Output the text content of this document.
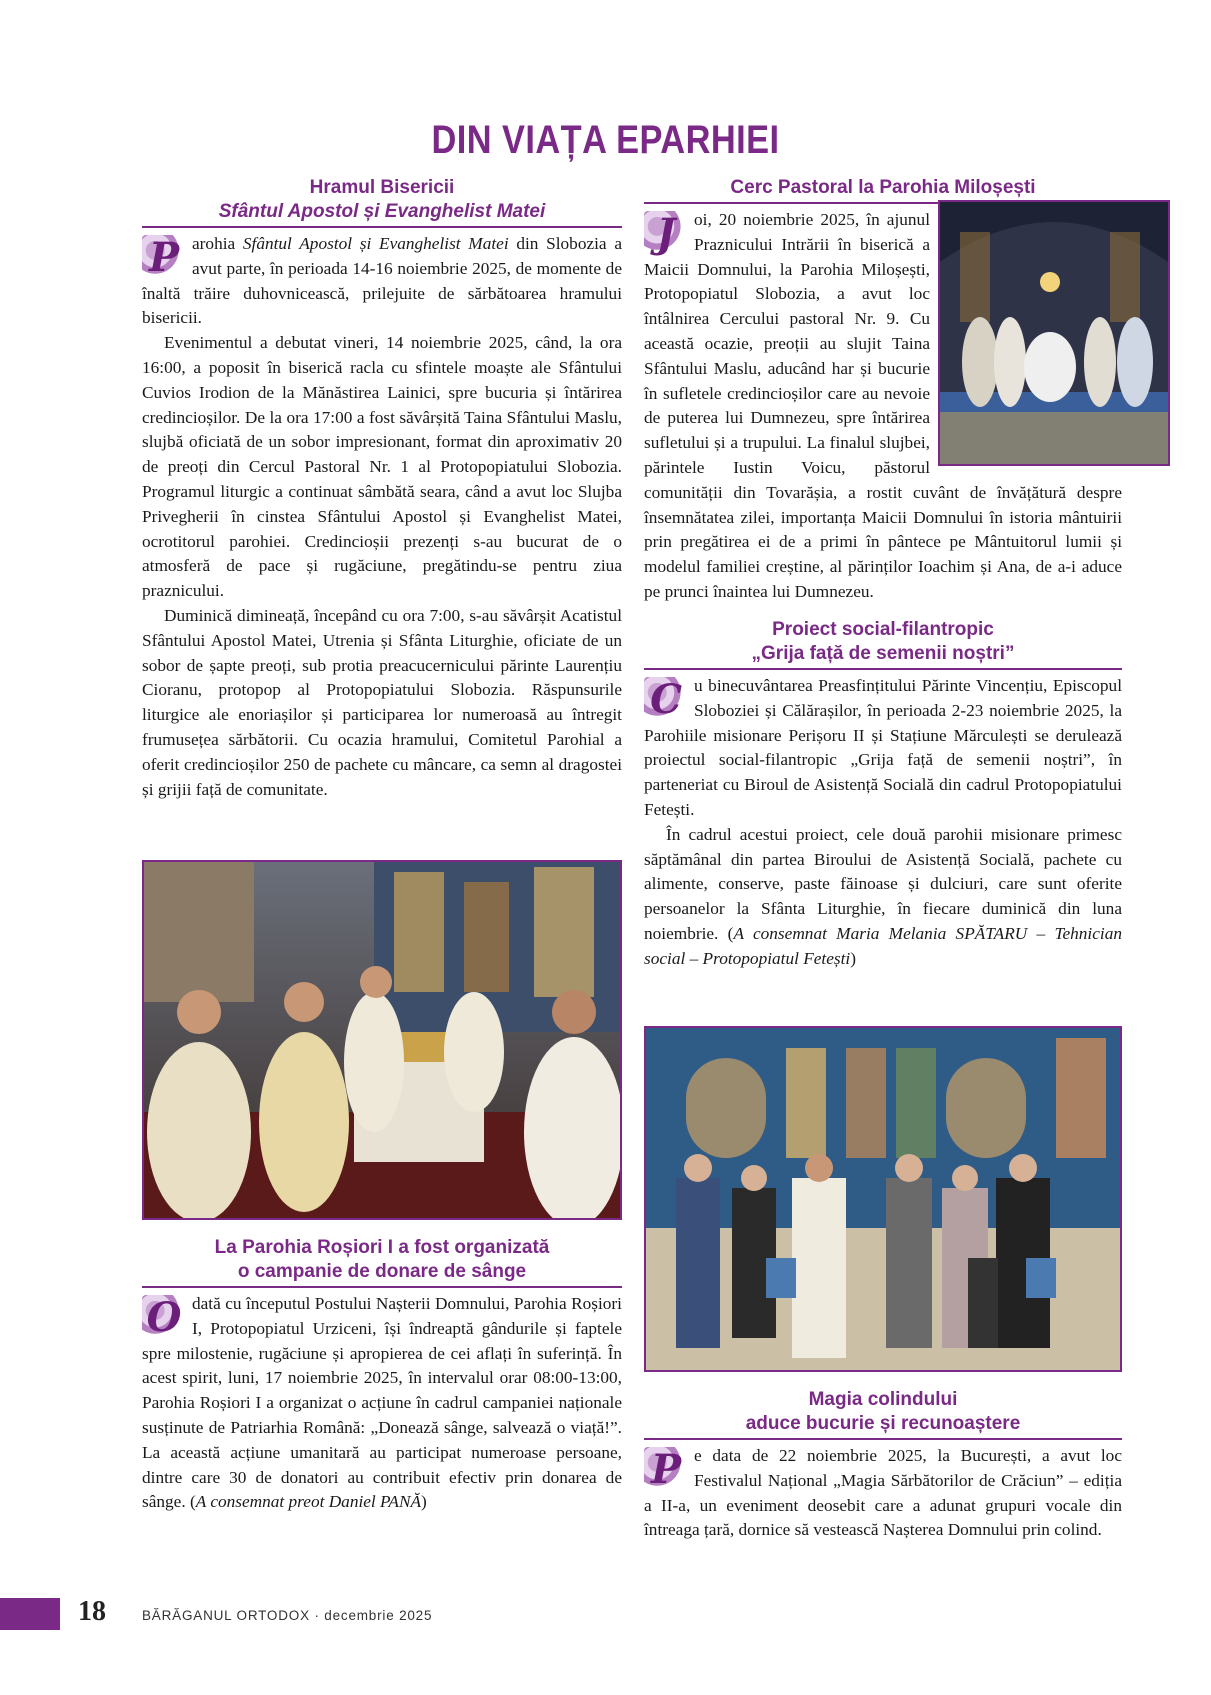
DIN VIAȚA EPARHIEI
Hramul Bisericii
Sfântul Apostol și Evanghelist Matei

P arohia Sfântul Apostol și Evanghelist Matei din Slobozia a avut parte, în perioada 14-16 noiembrie 2025, de momente de înaltă trăire duhovnicească, prilejuite de sărbătoarea hramului bisericii.

Evenimentul a debutat vineri, 14 noiembrie 2025, când, la ora 16:00, a poposit în biserică racla cu sfintele moaște ale Sfântului Cuvios Irodion de la Mănăstirea Lainici, spre bucuria și întărirea credincioșilor. De la ora 17:00 a fost săvârșită Taina Sfântului Maslu, slujbă oficiată de un sobor impresionant, format din aproximativ 20 de preoți din Cercul Pastoral Nr. 1 al Protopopiatului Slobozia. Programul liturgic a continuat sâmbătă seara, când a avut loc Slujba Privegherii în cinstea Sfântului Apostol și Evanghelist Matei, ocrotitorul parohiei. Credincioșii prezenți s-au bucurat de o atmosferă de pace și rugăciune, pregătindu-se pentru ziua praznicului.

Duminică dimineață, începând cu ora 7:00, s-au săvârșit Acatistul Sfântului Apostol Matei, Utrenia și Sfânta Liturghie, oficiate de un sobor de șapte preoți, sub protia preacucernicului părinte Laurențiu Cioranu, protopop al Protopopiatului Slobozia. Răspunsurile liturgice ale enoriașilor și participarea lor numeroasă au întregit frumusețea sărbătorii. Cu ocazia hramului, Comitetul Parohial a oferit credincioșilor 250 de pachete cu mâncare, ca semn al dragostei și grijii față de comunitate.

La Parohia Roșiori I a fost organizată
o campanie de donare de sânge

O dată cu începutul Postului Nașterii Domnului, Parohia Roșiori I, Protopopiatul Urziceni, își îndreaptă gândurile și faptele spre milostenie, rugăciune și apropierea de cei aflați în suferință. În acest spirit, luni, 17 noiembrie 2025, în intervalul orar 08:00-13:00, Parohia Roșiori I a organizat o acțiune în cadrul campaniei naționale susținute de Patriarhia Română: „Donează sânge, salvează o viață!”. La această acțiune umanitară au participat numeroase persoane, dintre care 30 de donatori au contribuit efectiv prin donarea de sânge. (A consemnat preot Daniel PANĂ)

Cerc Pastoral la Parohia Miloșești

J	oi, 20 noiembrie 2025, în ajunul Praznicului Intrării în biserică a Maicii Domnului, la Parohia Miloșești, Protopopiatul Slobozia, a avut loc întâlnirea Cercului pastoral Nr. 9. Cu această ocazie, preoții au slujit Taina Sfântului Maslu, aducând har și bucurie în sufletele credincioșilor care au nevoie de puterea lui Dumnezeu, spre întărirea sufletului și a trupului. La finalul slujbei, părintele Iustin Voicu, păstorul comunității din Tovarășia, a rostit cuvânt de învățătură despre însemnătatea zilei, importanța Maicii Domnului în istoria mântuirii prin pregătirea ei de a primi în pântece pe Mântuitorul lumii și modelul familiei creștine, al părinților Ioachim și Ana, de a-i aduce pe prunci înaintea lui Dumnezeu.

Proiect social-filantropic
„Grija față de semenii noștri”

C u binecuvântarea Preasfințitului Părinte Vincențiu, Episcopul Sloboziei și Călărașilor, în perioada 2-23 noiembrie 2025, la Parohiile misionare Perișoru II și Stațiune Mărculești se derulează proiectul social-filantropic „Grija față de semenii noștri”, în parteneriat cu Biroul de Asistență Socială din cadrul Protopopiatului Fetești.

În cadrul acestui proiect, cele două parohii misionare primesc săptămânal din partea Biroului de Asistență Socială, pachete cu alimente, conserve, paste făinoase și dulciuri, care sunt oferite persoanelor la Sfânta Liturghie, în fiecare duminică din luna noiembrie. (A consemnat Maria Melania SPĂTARU – Tehnician social – Protopopiatul Fetești)

Magia colindului
aduce bucurie și recunoaștere

P e data de 22 noiembrie 2025, la București, a avut loc Festivalul Național „Magia Sărbătorilor de Crăciun” – ediția a II-a, un eveniment deosebit care a adunat grupuri vocale din întreaga țară, dornice să vestească Nașterea Domnului prin colind.

18	BĂRĂGANUL ORTODOX · decembrie 2025
